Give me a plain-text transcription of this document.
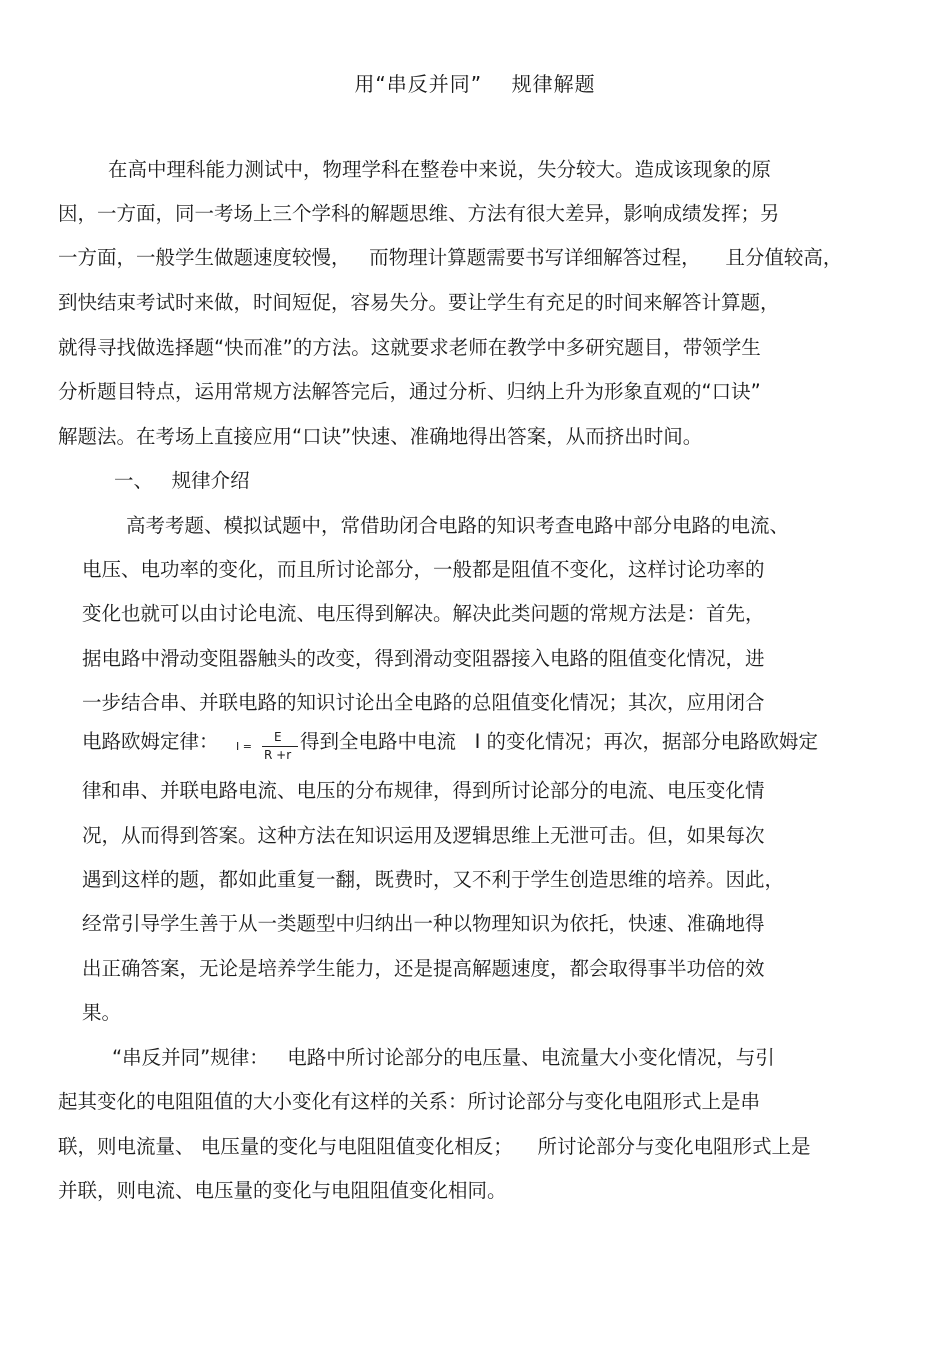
用“串反并同”    规律解题
在高中理科能力测试中，物理学科在整卷中来说，失分较大。造成该现象的原
因，一方面，同一考场上三个学科的解题思维、方法有很大差异，影响成绩发挥；另
一方面，一般学生做题速度较慢，   而物理计算题需要书写详细解答过程，    且分值较高，
到快结束考试时来做，时间短促，容易失分。要让学生有充足的时间来解答计算题，
就得寻找做选择题“快而准”的方法。这就要求老师在教学中多研究题目，带领学生
分析题目特点，运用常规方法解答完后，通过分析、归纳上升为形象直观的“口诀”
解题法。在考场上直接应用“口诀”快速、准确地得出答案，从而挤出时间。
一、   规律介绍
高考考题、模拟试题中，常借助闭合电路的知识考查电路中部分电路的电流、
电压、电功率的变化，而且所讨论部分，一般都是阻值不变化，这样讨论功率的
变化也就可以由讨论电流、电压得到解决。解决此类问题的常规方法是：首先，
据电路中滑动变阻器触头的改变，得到滑动变阻器接入电路的阻值变化情况，进
一步结合串、并联电路的知识讨论出全电路的总阻值变化情况；其次，应用闭合
电路欧姆定律： I =
E
R +r
得到全电路中电流   I 的变化情况；再次，据部分电路欧姆定
律和串、并联电路电流、电压的分布规律，得到所讨论部分的电流、电压变化情
况，从而得到答案。这种方法在知识运用及逻辑思维上无泄可击。但，如果每次
遇到这样的题，都如此重复一翻，既费时，又不利于学生创造思维的培养。因此，
经常引导学生善于从一类题型中归纳出一种以物理知识为依托，快速、准确地得
出正确答案，无论是培养学生能力，还是提高解题速度，都会取得事半功倍的效
果。
“串反并同”规律：   电路中所讨论部分的电压量、电流量大小变化情况，与引
起其变化的电阻阻值的大小变化有这样的关系：所讨论部分与变化电阻形式上是串
联，则电流量、 电压量的变化与电阻阻值变化相反；    所讨论部分与变化电阻形式上是
并联，则电流、电压量的变化与电阻阻值变化相同。
